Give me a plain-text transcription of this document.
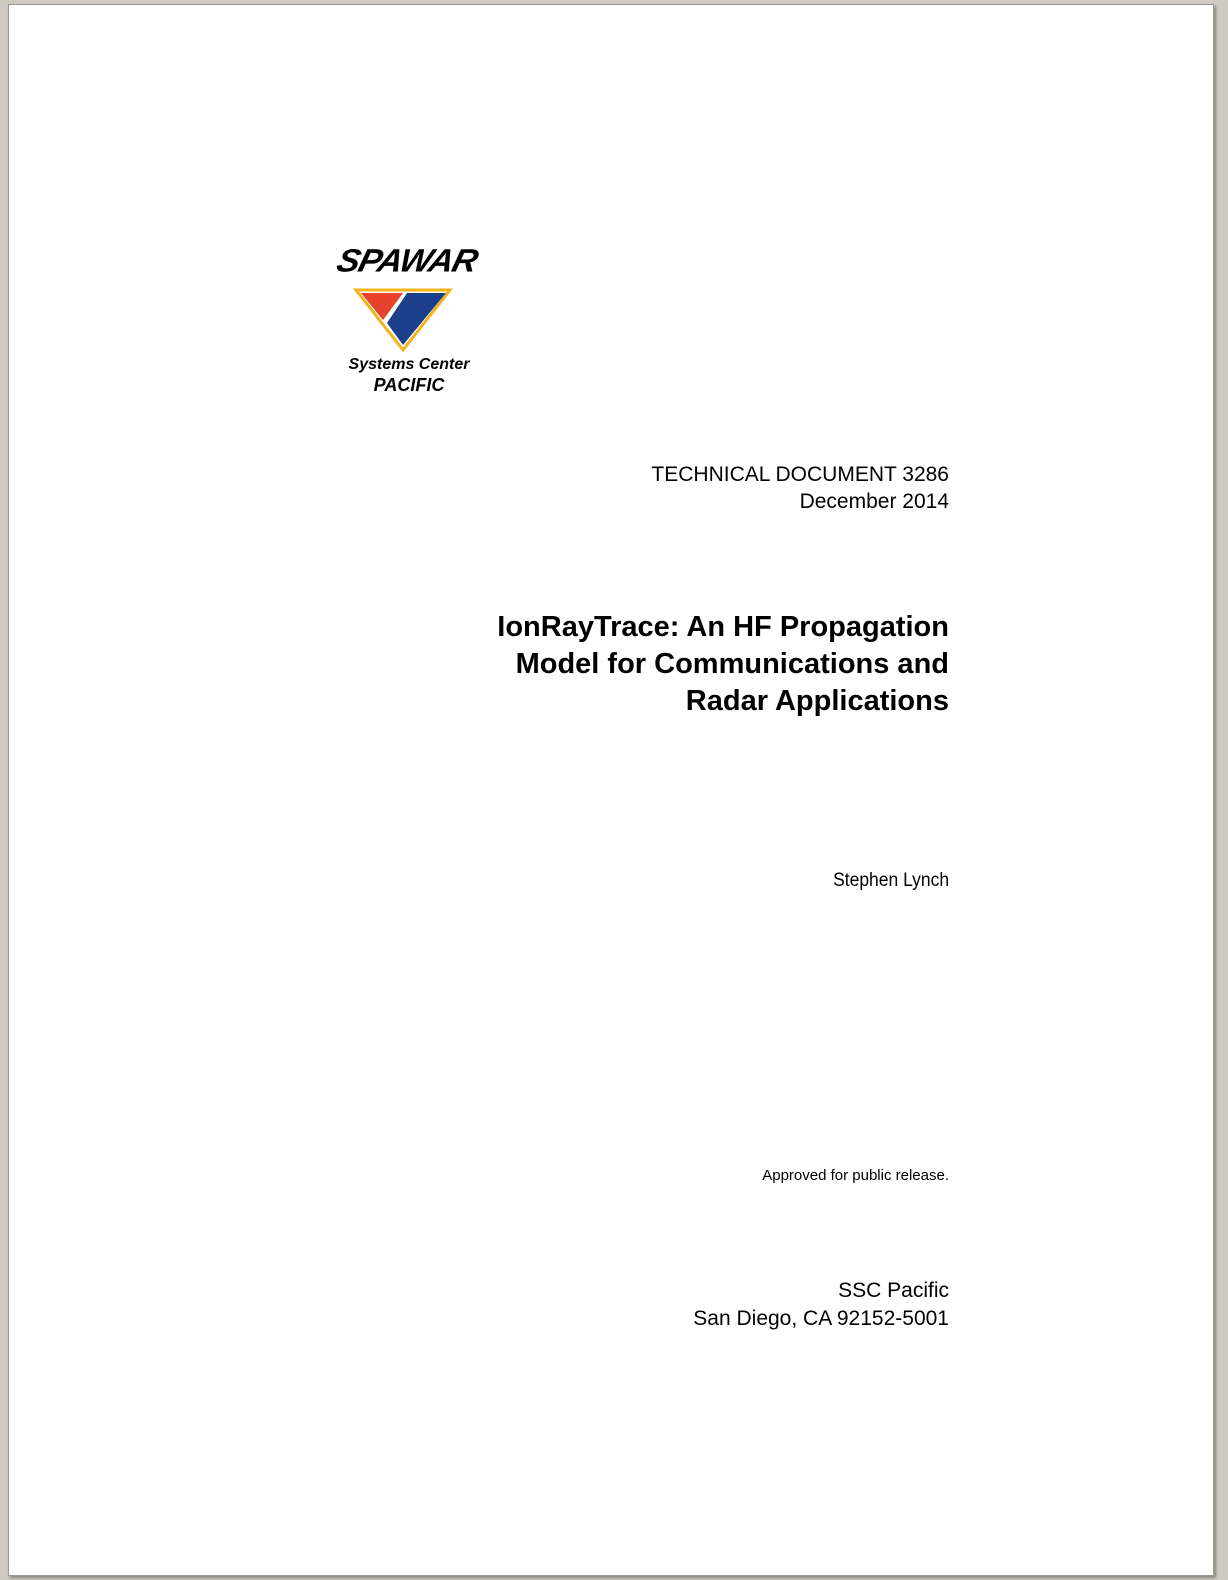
SPAWAR
Systems Center
PACIFIC
TECHNICAL DOCUMENT 3286
December 2014
IonRayTrace: An HF Propagation
Model for Communications and
Radar Applications
Stephen Lynch
Approved for public release.
SSC Pacific
San Diego, CA 92152-5001
